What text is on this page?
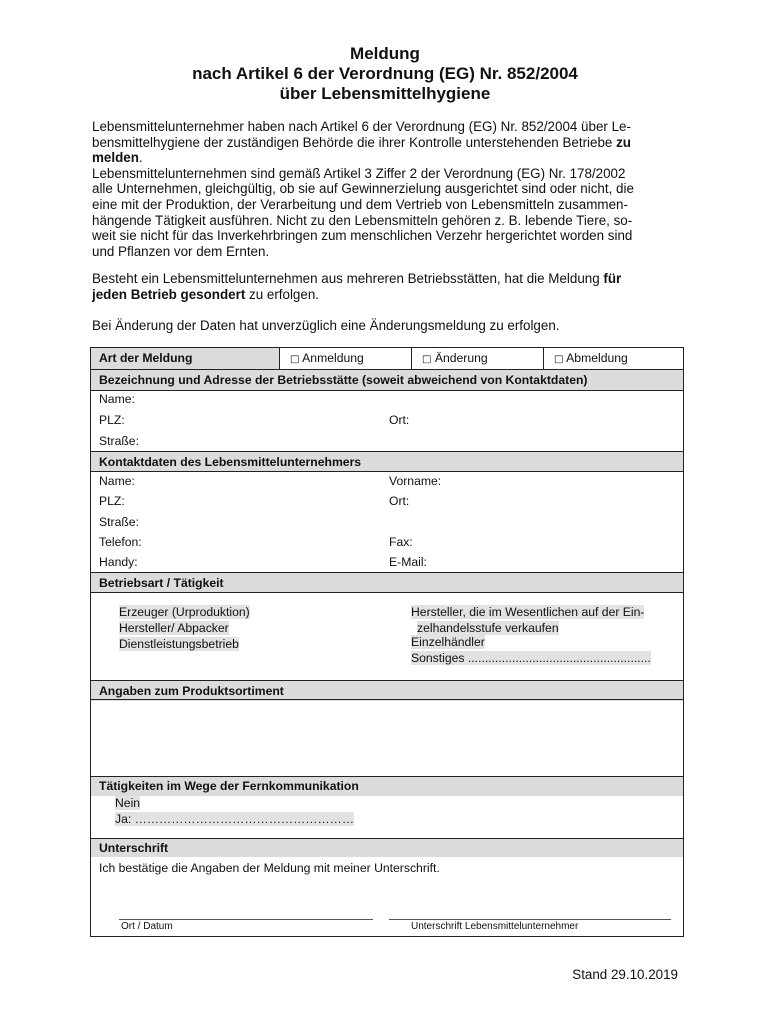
Meldung
nach Artikel 6 der Verordnung (EG) Nr. 852/2004
über Lebensmittelhygiene
Lebensmittelunternehmer haben nach Artikel 6 der Verordnung (EG) Nr. 852/2004 über Le-
bensmittelhygiene der zuständigen Behörde die ihrer Kontrolle unterstehenden Betriebe zu
melden.
Lebensmittelunternehmen sind gemäß Artikel 3 Ziffer 2 der Verordnung (EG) Nr. 178/2002
alle Unternehmen, gleichgültig, ob sie auf Gewinnerzielung ausgerichtet sind oder nicht, die
eine mit der Produktion, der Verarbeitung und dem Vertrieb von Lebensmitteln zusammen-
hängende Tätigkeit ausführen. Nicht zu den Lebensmitteln gehören z. B. lebende Tiere, so-
weit sie nicht für das Inverkehrbringen zum menschlichen Verzehr hergerichtet worden sind
und Pflanzen vor dem Ernten.
Besteht ein Lebensmittelunternehmen aus mehreren Betriebsstätten, hat die Meldung für
jeden Betrieb gesondert zu erfolgen.
Bei Änderung der Daten hat unverzüglich eine Änderungsmeldung zu erfolgen.
Art der Meldung	□ Anmeldung	□ Änderung	□ Abmeldung
Bezeichnung und Adresse der Betriebsstätte (soweit abweichend von Kontaktdaten)
Name:
PLZ:	Ort:
Straße:
Kontaktdaten des Lebensmittelunternehmers
Name:	Vorname:
PLZ:	Ort:
Straße:
Telefon:	Fax:
Handy:	E-Mail:
Betriebsart / Tätigkeit
Erzeuger (Urproduktion)
Hersteller/ Abpacker
Dienstleistungsbetrieb
Hersteller, die im Wesentlichen auf der Ein-
zelhandelsstufe verkaufen
Einzelhändler
Sonstiges ......................................................
Angaben zum Produktsortiment
Tätigkeiten im Wege der Fernkommunikation
Nein
Ja: ………………………………………………
Unterschrift
Ich bestätige die Angaben der Meldung mit meiner Unterschrift.
Ort / Datum	Unterschrift Lebensmittelunternehmer
Stand 29.10.2019
